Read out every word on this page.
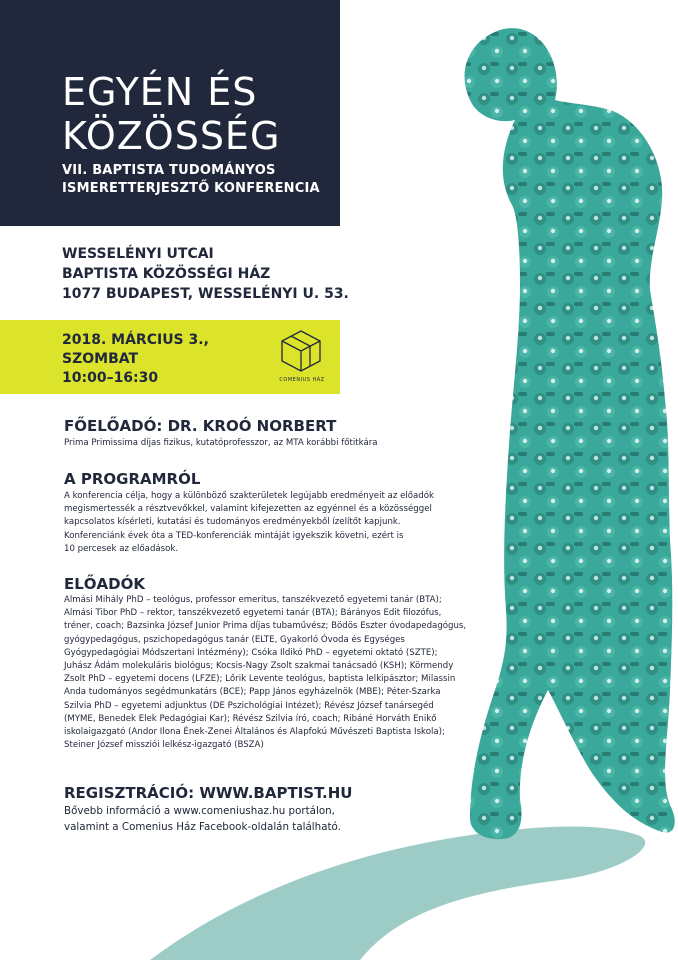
EGYÉN ÉS
KÖZÖSSÉG
VII. BAPTISTA TUDOMÁNYOS
ISMERETTERJESZTŐ KONFERENCIA
WESSELÉNYI UTCAI
BAPTISTA KÖZÖSSÉGI HÁZ
1077 BUDAPEST, WESSELÉNYI U. 53.
2018. MÁRCIUS 3.,
SZOMBAT
10:00–16:30	COMENIUS HÁZ
FŐELŐADÓ: DR. KROÓ NORBERT
Prima Primissima díjas fizikus, kutatóprofesszor, az MTA korábbi főtitkára
A PROGRAMRÓL
A konferencia célja, hogy a különböző szakterületek legújabb eredményeit az előadók
megismertessék a résztvevőkkel, valamint kifejezetten az egyénnel és a közösséggel
kapcsolatos kísérleti, kutatási és tudományos eredményekből ízelítőt kapjunk.
Konferenciánk évek óta a TED-konferenciák mintáját igyekszik követni, ezért is
10 percesek az előadások.
ELŐADÓK
Almási Mihály PhD – teológus, professor emeritus, tanszékvezető egyetemi tanár (BTA);
Almási Tibor PhD – rektor, tanszékvezető egyetemi tanár (BTA); Bárányos Edit filozófus,
tréner, coach; Bazsinka József Junior Prima díjas tubaművész; Bödös Eszter óvodapedagógus,
gyógypedagógus, pszichopedagógus tanár (ELTE, Gyakorló Óvoda és Egységes
Gyógypedagógiai Módszertani Intézmény); Csóka Ildikó PhD – egyetemi oktató (SZTE);
Juhász Ádám molekuláris biológus; Kocsis-Nagy Zsolt szakmai tanácsadó (KSH); Körmendy
Zsolt PhD – egyetemi docens (LFZE); Lőrik Levente teológus, baptista lelkipásztor; Milassin
Anda tudományos segédmunkatárs (BCE); Papp János egyházelnök (MBE); Péter-Szarka
Szilvia PhD – egyetemi adjunktus (DE Pszichológiai Intézet); Révész József tanársegéd
(MYME, Benedek Elek Pedagógiai Kar); Révész Szilvia író, coach; Ribáné Horváth Enikő
iskolaigazgató (Andor Ilona Ének-Zenei Általános és Alapfokú Művészeti Baptista Iskola);
Steiner József missziói lelkész-igazgató (BSZA)
REGISZTRÁCIÓ: WWW.BAPTIST.HU
Bővebb információ a www.comeniushaz.hu portálon,
valamint a Comenius Ház Facebook-oldalán található.
